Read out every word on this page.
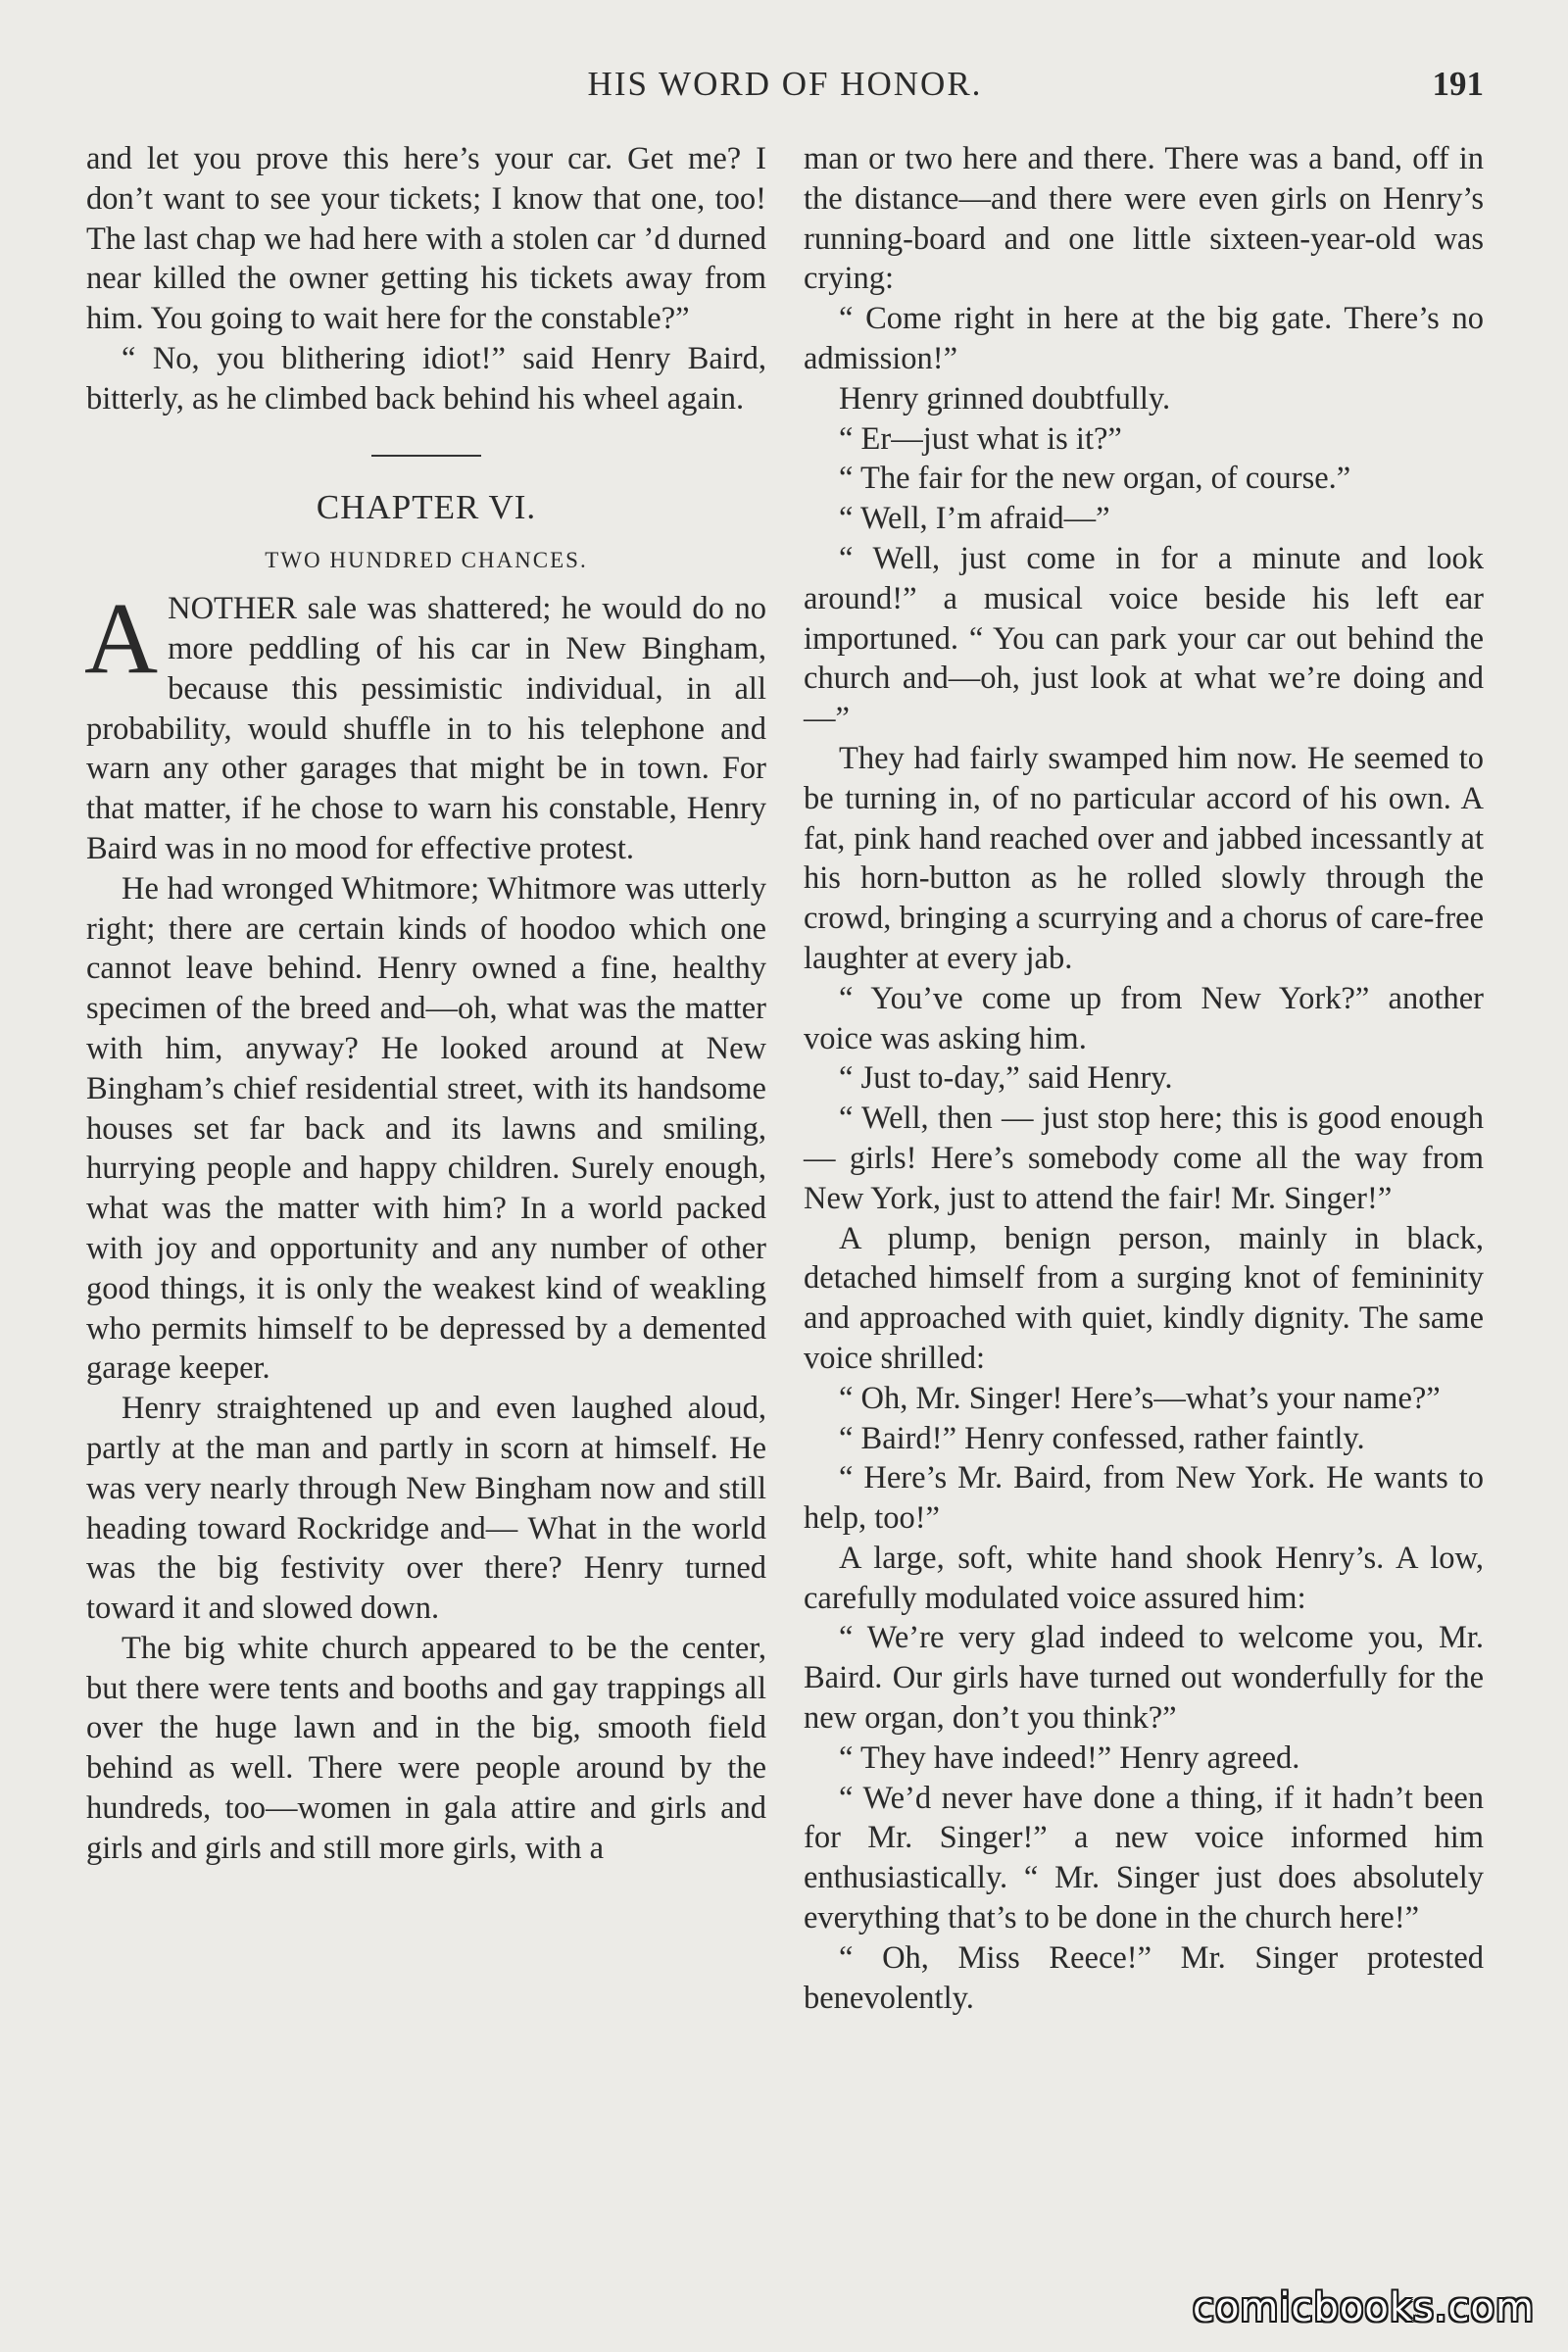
HIS WORD OF HONOR.	191

and let you prove this here’s your car. Get me? I don’t want to see your tickets; I know that one, too! The last chap we had here with a stolen car ’d durned near killed the owner getting his tickets away from him. You going to wait here for the constable?”

“ No, you blithering idiot!” said Henry Baird, bitterly, as he climbed back behind his wheel again.

CHAPTER VI.
TWO HUNDRED CHANCES.

ANOTHER sale was shattered; he would do no more peddling of his car in New Bingham, because this pessimistic individual, in all probability, would shuffle in to his telephone and warn any other garages that might be in town. For that matter, if he chose to warn his constable, Henry Baird was in no mood for effective protest.

He had wronged Whitmore; Whitmore was utterly right; there are certain kinds of hoodoo which one cannot leave behind. Henry owned a fine, healthy specimen of the breed and—oh, what was the matter with him, anyway? He looked around at New Bingham’s chief residential street, with its handsome houses set far back and its lawns and smiling, hurrying people and happy children. Surely enough, what was the matter with him? In a world packed with joy and opportunity and any number of other good things, it is only the weakest kind of weakling who permits himself to be depressed by a demented garage keeper.

Henry straightened up and even laughed aloud, partly at the man and partly in scorn at himself. He was very nearly through New Bingham now and still heading toward Rockridge and— What in the world was the big festivity over there? Henry turned toward it and slowed down.

The big white church appeared to be the center, but there were tents and booths and gay trappings all over the huge lawn and in the big, smooth field behind as well. There were people around by the hundreds, too—women in gala attire and girls and girls and girls and still more girls, with a

man or two here and there. There was a band, off in the distance—and there were even girls on Henry’s running-board and one little sixteen-year-old was crying:

“ Come right in here at the big gate. There’s no admission!”

Henry grinned doubtfully.

“ Er—just what is it?”

“ The fair for the new organ, of course.”

“ Well, I’m afraid—”

“ Well, just come in for a minute and look around!” a musical voice beside his left ear importuned. “ You can park your car out behind the church and—oh, just look at what we’re doing and—”

They had fairly swamped him now. He seemed to be turning in, of no particular accord of his own. A fat, pink hand reached over and jabbed incessantly at his horn-button as he rolled slowly through the crowd, bringing a scurrying and a chorus of care-free laughter at every jab.

“ You’ve come up from New York?” another voice was asking him.

“ Just to-day,” said Henry.

“ Well, then — just stop here; this is good enough — girls! Here’s somebody come all the way from New York, just to attend the fair! Mr. Singer!”

A plump, benign person, mainly in black, detached himself from a surging knot of femininity and approached with quiet, kindly dignity. The same voice shrilled:

“ Oh, Mr. Singer! Here’s—what’s your name?”

“ Baird!” Henry confessed, rather faintly.

“ Here’s Mr. Baird, from New York. He wants to help, too!”

A large, soft, white hand shook Henry’s. A low, carefully modulated voice assured him:

“ We’re very glad indeed to welcome you, Mr. Baird. Our girls have turned out wonderfully for the new organ, don’t you think?”

“ They have indeed!” Henry agreed.

“ We’d never have done a thing, if it hadn’t been for Mr. Singer!” a new voice informed him enthusiastically. “ Mr. Singer just does absolutely everything that’s to be done in the church here!”

“ Oh, Miss Reece!” Mr. Singer protested benevolently.

comicbooks.com
